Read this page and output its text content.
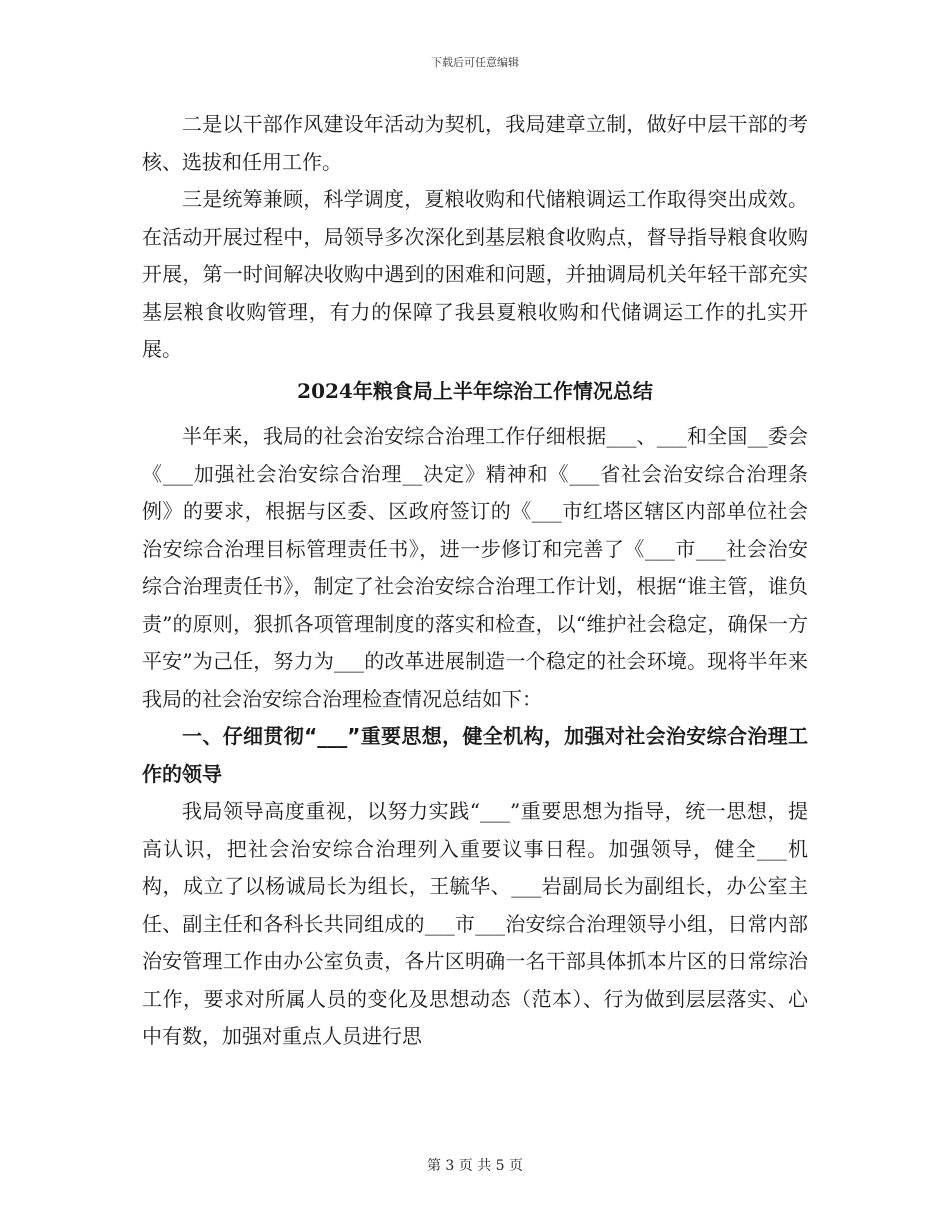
下载后可任意编辑

二是以干部作风建设年活动为契机，我局建章立制，做好中层干部的考核、选拔和任用工作。

三是统筹兼顾，科学调度，夏粮收购和代储粮调运工作取得突出成效。在活动开展过程中，局领导多次深化到基层粮食收购点，督导指导粮食收购开展，第一时间解决收购中遇到的困难和问题，并抽调局机关年轻干部充实基层粮食收购管理，有力的保障了我县夏粮收购和代储调运工作的扎实开展。

2024年粮食局上半年综治工作情况总结

半年来，我局的社会治安综合治理工作仔细根据___、___和全国__委会《___加强社会治安综合治理__决定》精神和《___省社会治安综合治理条例》的要求，根据与区委、区政府签订的《___市红塔区辖区内部单位社会治安综合治理目标管理责任书》，进一步修订和完善了《___市___社会治安综合治理责任书》，制定了社会治安综合治理工作计划，根据“谁主管，谁负责”的原则，狠抓各项管理制度的落实和检查，以“维护社会稳定，确保一方平安”为己任，努力为___的改革进展制造一个稳定的社会环境。现将半年来我局的社会治安综合治理检查情况总结如下：

一、仔细贯彻“___”重要思想，健全机构，加强对社会治安综合治理工作的领导

我局领导高度重视，以努力实践“___”重要思想为指导，统一思想，提高认识，把社会治安综合治理列入重要议事日程。加强领导，健全___机构，成立了以杨诚局长为组长，王毓华、___岩副局长为副组长，办公室主任、副主任和各科长共同组成的___市___治安综合治理领导小组，日常内部治安管理工作由办公室负责，各片区明确一名干部具体抓本片区的日常综治工作，要求对所属人员的变化及思想动态（范本）、行为做到层层落实、心中有数，加强对重点人员进行思

第 3 页 共 5 页
